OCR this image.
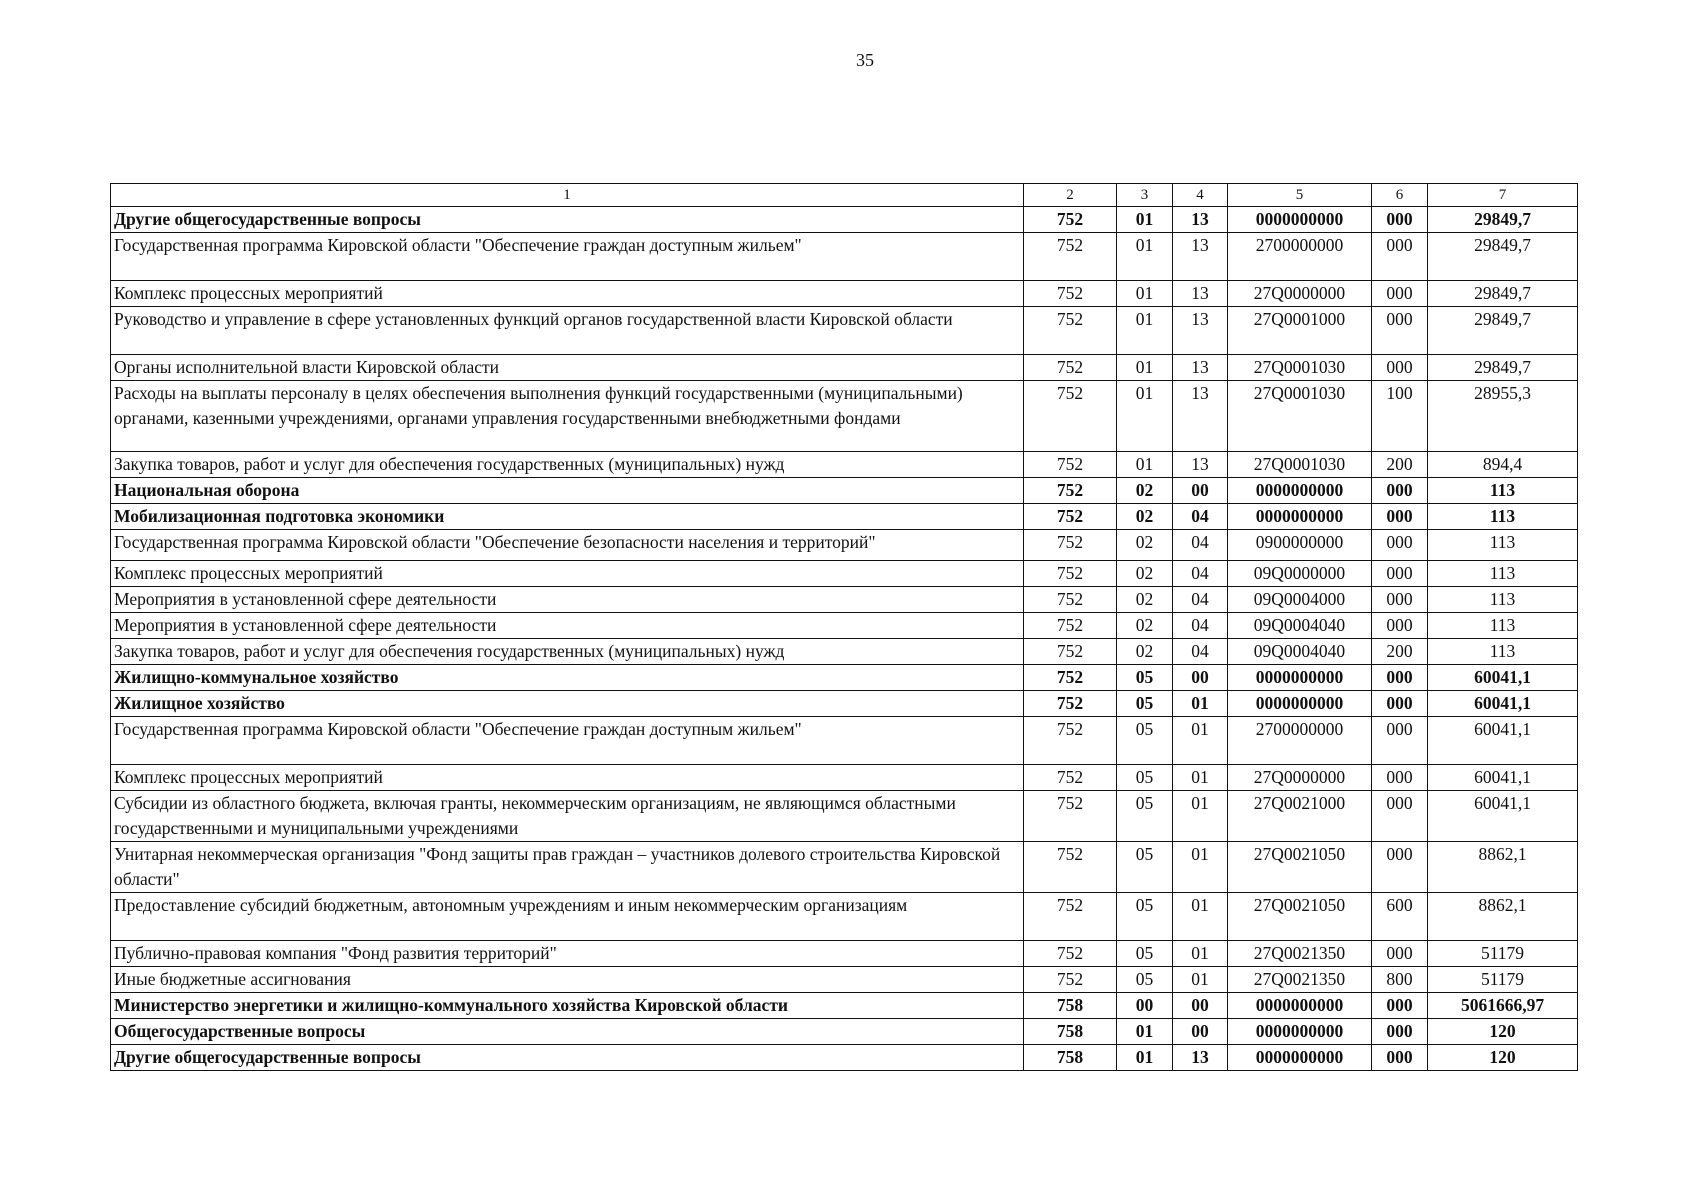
35
1	2	3	4	5	6	7
Другие общегосударственные вопросы	752	01	13	0000000000	000	29849,7
Государственная программа Кировской области "Обеспечение граждан доступным жильем"	752	01	13	2700000000	000	29849,7
Комплекс процессных мероприятий	752	01	13	27Q0000000	000	29849,7
Руководство и управление в сфере установленных функций органов государственной власти Кировской области	752	01	13	27Q0001000	000	29849,7
Органы исполнительной власти Кировской области	752	01	13	27Q0001030	000	29849,7
Расходы на выплаты персоналу в целях обеспечения выполнения функций государственными (муниципальными) органами, казенными учреждениями, органами управления государственными внебюджетными фондами	752	01	13	27Q0001030	100	28955,3
Закупка товаров, работ и услуг для обеспечения государственных (муниципальных) нужд	752	01	13	27Q0001030	200	894,4
Национальная оборона	752	02	00	0000000000	000	113
Мобилизационная подготовка экономики	752	02	04	0000000000	000	113
Государственная программа Кировской области "Обеспечение безопасности населения и территорий"	752	02	04	0900000000	000	113
Комплекс процессных мероприятий	752	02	04	09Q0000000	000	113
Мероприятия в установленной сфере деятельности	752	02	04	09Q0004000	000	113
Мероприятия в установленной сфере деятельности	752	02	04	09Q0004040	000	113
Закупка товаров, работ и услуг для обеспечения государственных (муниципальных) нужд	752	02	04	09Q0004040	200	113
Жилищно-коммунальное хозяйство	752	05	00	0000000000	000	60041,1
Жилищное хозяйство	752	05	01	0000000000	000	60041,1
Государственная программа Кировской области "Обеспечение граждан доступным жильем"	752	05	01	2700000000	000	60041,1
Комплекс процессных мероприятий	752	05	01	27Q0000000	000	60041,1
Субсидии из областного бюджета, включая гранты, некоммерческим организациям, не являющимся областными государственными и муниципальными учреждениями	752	05	01	27Q0021000	000	60041,1
Унитарная некоммерческая организация "Фонд защиты прав граждан – участников долевого строительства Кировской области"	752	05	01	27Q0021050	000	8862,1
Предоставление субсидий бюджетным, автономным учреждениям и иным некоммерческим организациям	752	05	01	27Q0021050	600	8862,1
Публично-правовая компания "Фонд развития территорий"	752	05	01	27Q0021350	000	51179
Иные бюджетные ассигнования	752	05	01	27Q0021350	800	51179
Министерство энергетики и жилищно-коммунального хозяйства Кировской области	758	00	00	0000000000	000	5061666,97
Общегосударственные вопросы	758	01	00	0000000000	000	120
Другие общегосударственные вопросы	758	01	13	0000000000	000	120
